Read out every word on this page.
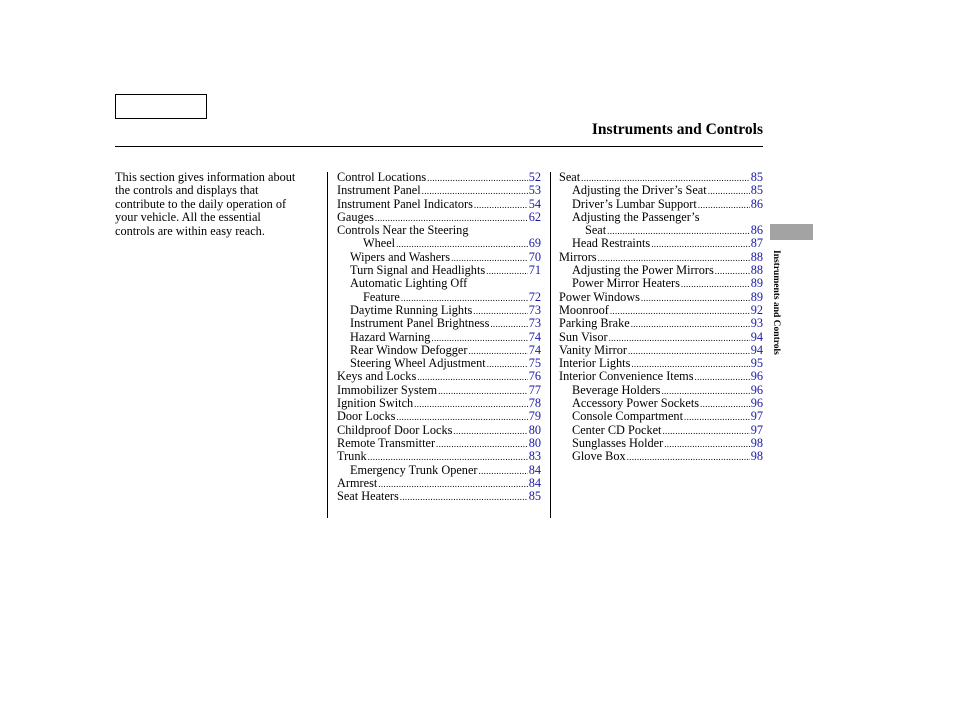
Instruments and Controls
This section gives information about
the controls and displays that
contribute to the daily operation of
your vehicle. All the essential
controls are within easy reach.
Control Locations .....	52
Instrument Panel .....	53
Instrument Panel Indicators .....	54
Gauges .....	62
Controls Near the Steering
Wheel .....	69
Wipers and Washers .....	70
Turn Signal and Headlights .....	71
Automatic Lighting Off
Feature .....	72
Daytime Running Lights .....	73
Instrument Panel Brightness .....	73
Hazard Warning .....	74
Rear Window Defogger .....	74
Steering Wheel Adjustment .....	75
Keys and Locks .....	76
Immobilizer System .....	77
Ignition Switch .....	78
Door Locks .....	79
Childproof Door Locks .....	80
Remote Transmitter .....	80
Trunk .....	83
Emergency Trunk Opener .....	84
Armrest .....	84
Seat Heaters .....	85
Seat .....	85
Adjusting the Driver’s Seat .....	85
Driver’s Lumbar Support .....	86
Adjusting the Passenger’s
Seat .....	86
Head Restraints .....	87
Mirrors .....	88
Adjusting the Power Mirrors .....	88
Power Mirror Heaters .....	89
Power Windows .....	89
Moonroof .....	92
Parking Brake .....	93
Sun Visor .....	94
Vanity Mirror .....	94
Interior Lights .....	95
Interior Convenience Items .....	96
Beverage Holders .....	96
Accessory Power Sockets .....	96
Console Compartment .....	97
Center CD Pocket .....	97
Sunglasses Holder .....	98
Glove Box .....	98
Instruments and Controls
